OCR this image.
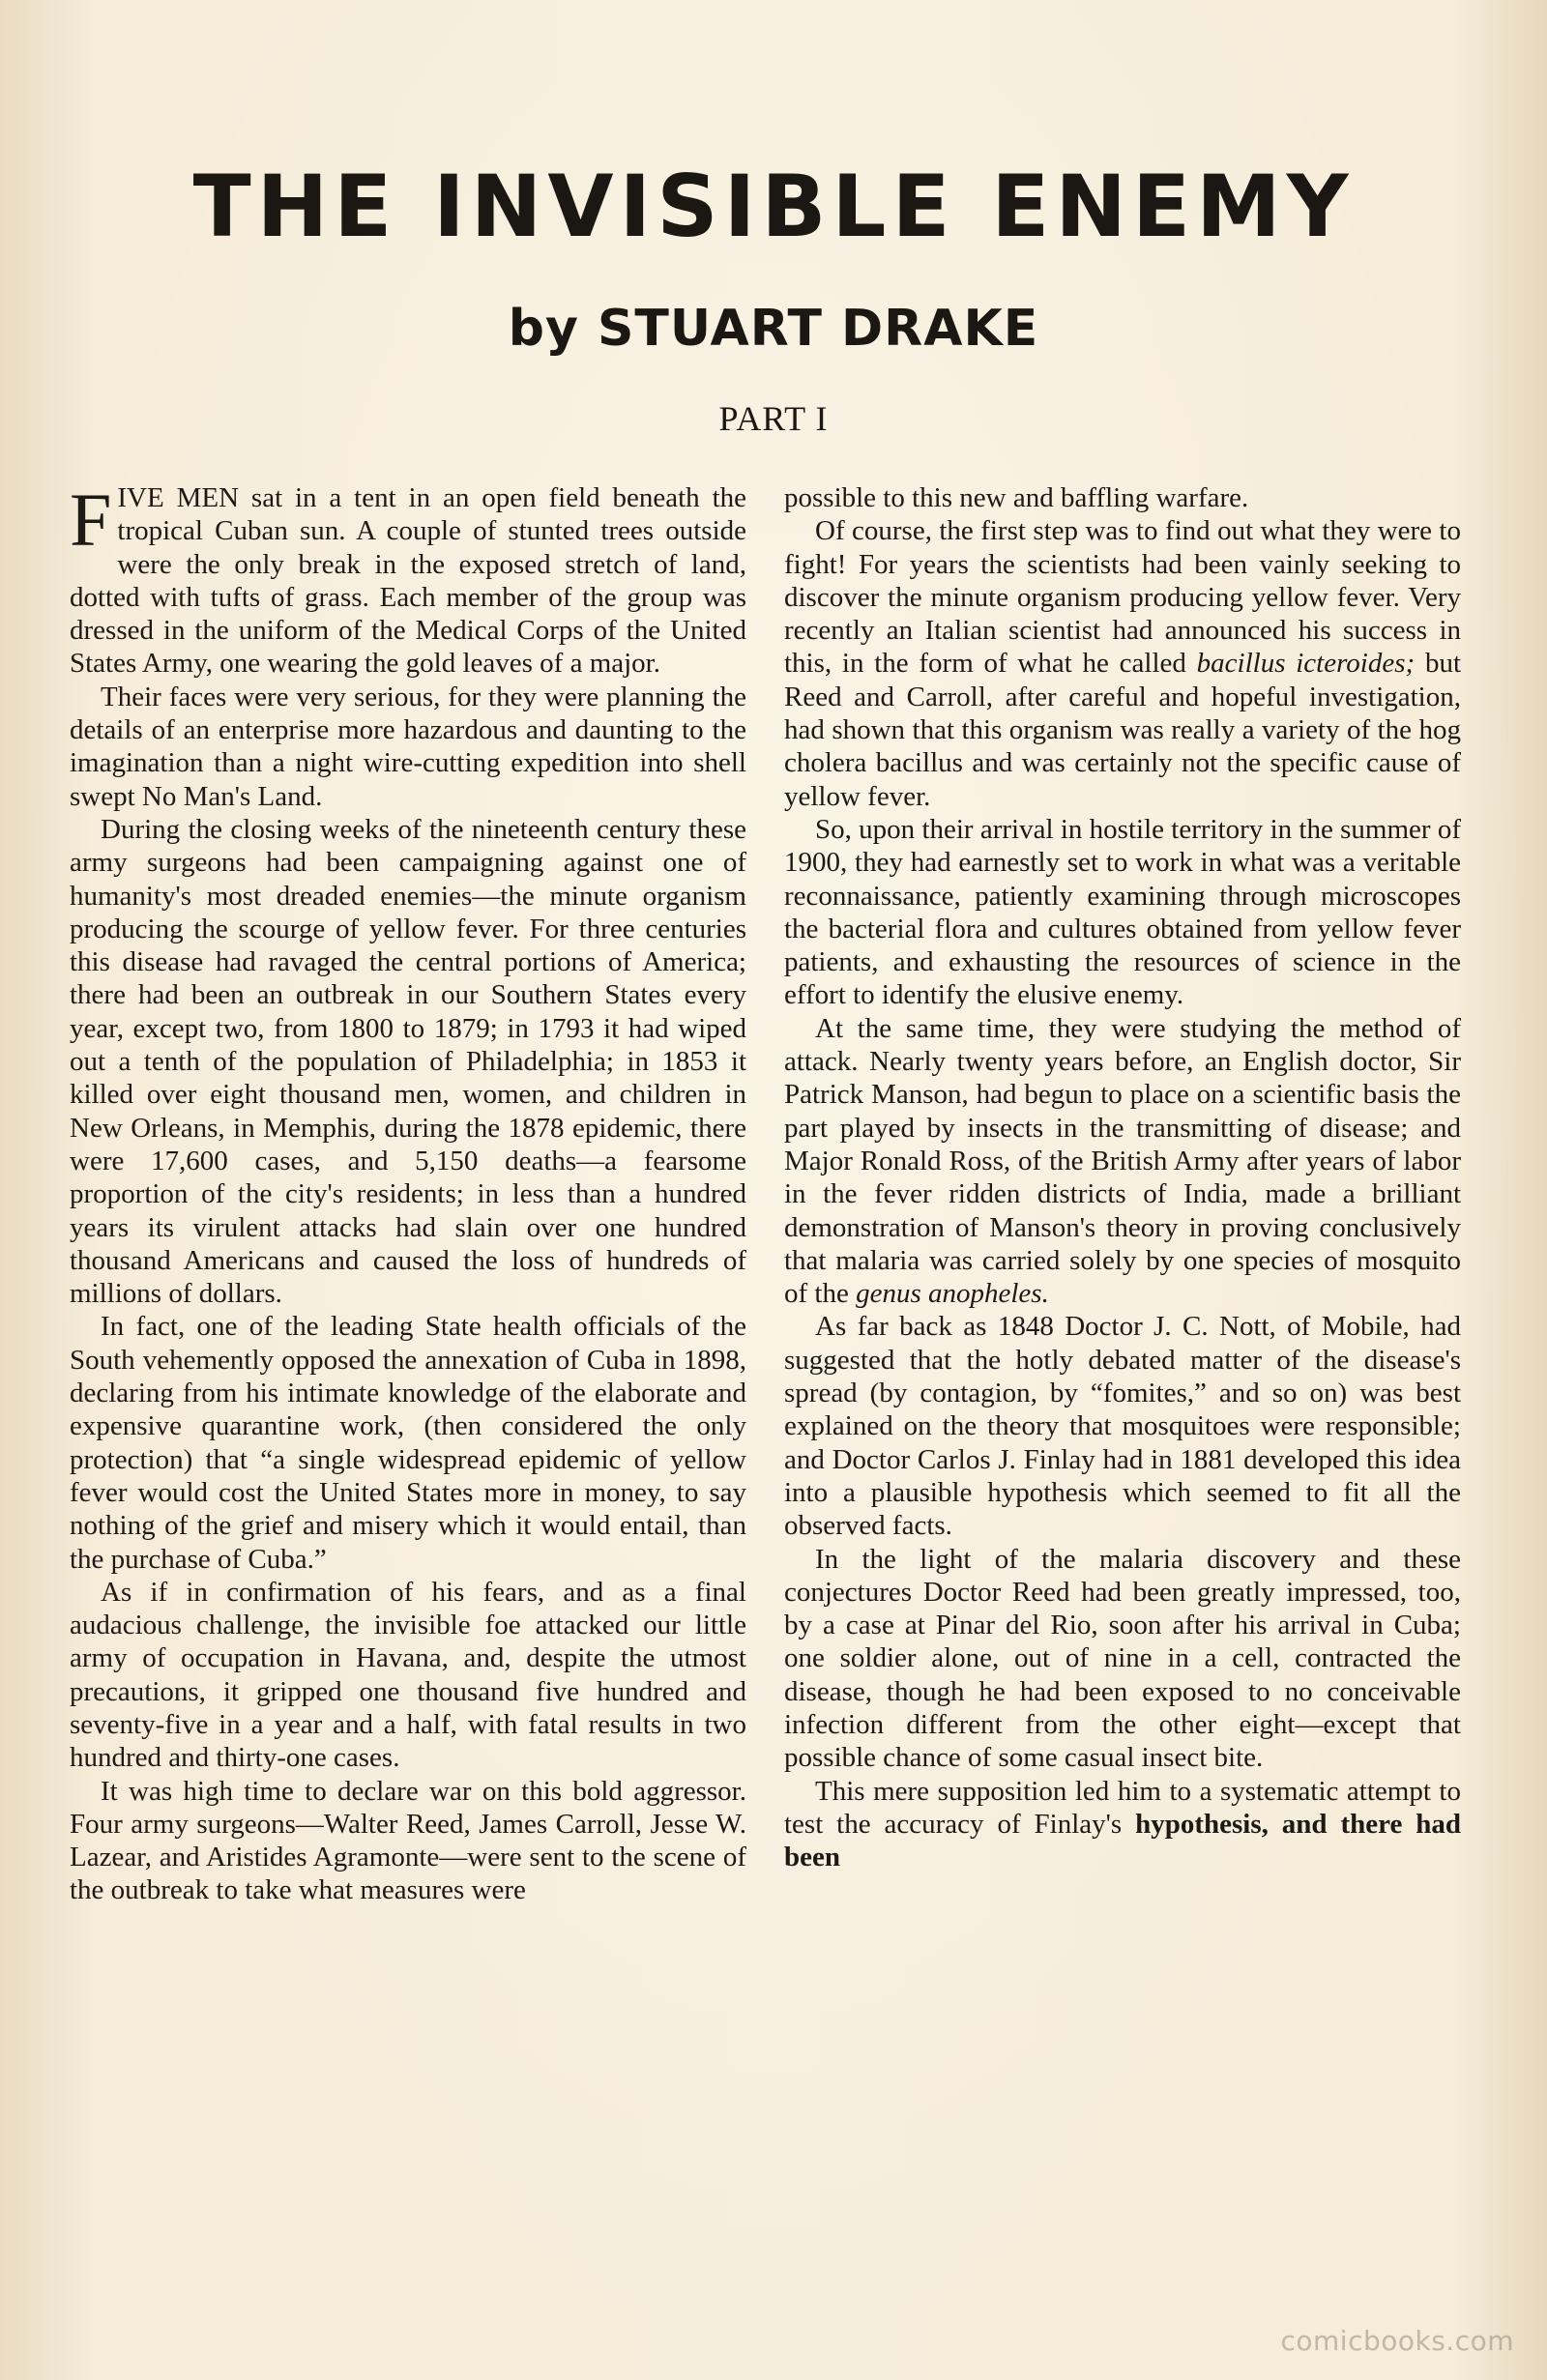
THE INVISIBLE ENEMY
by STUART DRAKE
PART I

FIVE MEN sat in a tent in an open field beneath the tropical Cuban sun. A couple of stunted trees outside were the only break in the exposed stretch of land, dotted with tufts of grass. Each member of the group was dressed in the uniform of the Medical Corps of the United States Army, one wearing the gold leaves of a major.

Their faces were very serious, for they were planning the details of an enterprise more hazardous and daunting to the imagination than a night wire-cutting expedition into shell swept No Man's Land.

During the closing weeks of the nineteenth century these army surgeons had been campaigning against one of humanity's most dreaded enemies—the minute organism producing the scourge of yellow fever. For three centuries this disease had ravaged the central portions of America; there had been an outbreak in our Southern States every year, except two, from 1800 to 1879; in 1793 it had wiped out a tenth of the population of Philadelphia; in 1853 it killed over eight thousand men, women, and children in New Orleans, in Memphis, during the 1878 epidemic, there were 17,600 cases, and 5,150 deaths—a fearsome proportion of the city's residents; in less than a hundred years its virulent attacks had slain over one hundred thousand Americans and caused the loss of hundreds of millions of dollars.

In fact, one of the leading State health officials of the South vehemently opposed the annexation of Cuba in 1898, declaring from his intimate knowledge of the elaborate and expensive quarantine work, (then considered the only protection) that “a single widespread epidemic of yellow fever would cost the United States more in money, to say nothing of the grief and misery which it would entail, than the purchase of Cuba.”

As if in confirmation of his fears, and as a final audacious challenge, the invisible foe attacked our little army of occupation in Havana, and, despite the utmost precautions, it gripped one thousand five hundred and seventy-five in a year and a half, with fatal results in two hundred and thirty-one cases.

It was high time to declare war on this bold aggressor. Four army surgeons—Walter Reed, James Carroll, Jesse W. Lazear, and Aristides Agramonte—were sent to the scene of the outbreak to take what measures were

possible to this new and baffling warfare.

Of course, the first step was to find out what they were to fight! For years the scientists had been vainly seeking to discover the minute organism producing yellow fever. Very recently an Italian scientist had announced his success in this, in the form of what he called bacillus icteroides; but Reed and Carroll, after careful and hopeful investigation, had shown that this organism was really a variety of the hog cholera bacillus and was certainly not the specific cause of yellow fever.

So, upon their arrival in hostile territory in the summer of 1900, they had earnestly set to work in what was a veritable reconnaissance, patiently examining through microscopes the bacterial flora and cultures obtained from yellow fever patients, and exhausting the resources of science in the effort to identify the elusive enemy.

At the same time, they were studying the method of attack. Nearly twenty years before, an English doctor, Sir Patrick Manson, had begun to place on a scientific basis the part played by insects in the transmitting of disease; and Major Ronald Ross, of the British Army after years of labor in the fever ridden districts of India, made a brilliant demonstration of Manson's theory in proving conclusively that malaria was carried solely by one species of mosquito of the genus anopheles.

As far back as 1848 Doctor J. C. Nott, of Mobile, had suggested that the hotly debated matter of the disease's spread (by contagion, by “fomites,” and so on) was best explained on the theory that mosquitoes were responsible; and Doctor Carlos J. Finlay had in 1881 developed this idea into a plausible hypothesis which seemed to fit all the observed facts.

In the light of the malaria discovery and these conjectures Doctor Reed had been greatly impressed, too, by a case at Pinar del Rio, soon after his arrival in Cuba; one soldier alone, out of nine in a cell, contracted the disease, though he had been exposed to no conceivable infection different from the other eight—except that possible chance of some casual insect bite.

This mere supposition led him to a systematic attempt to test the accuracy of Finlay's hypothesis, and there had been

comicbooks.com
